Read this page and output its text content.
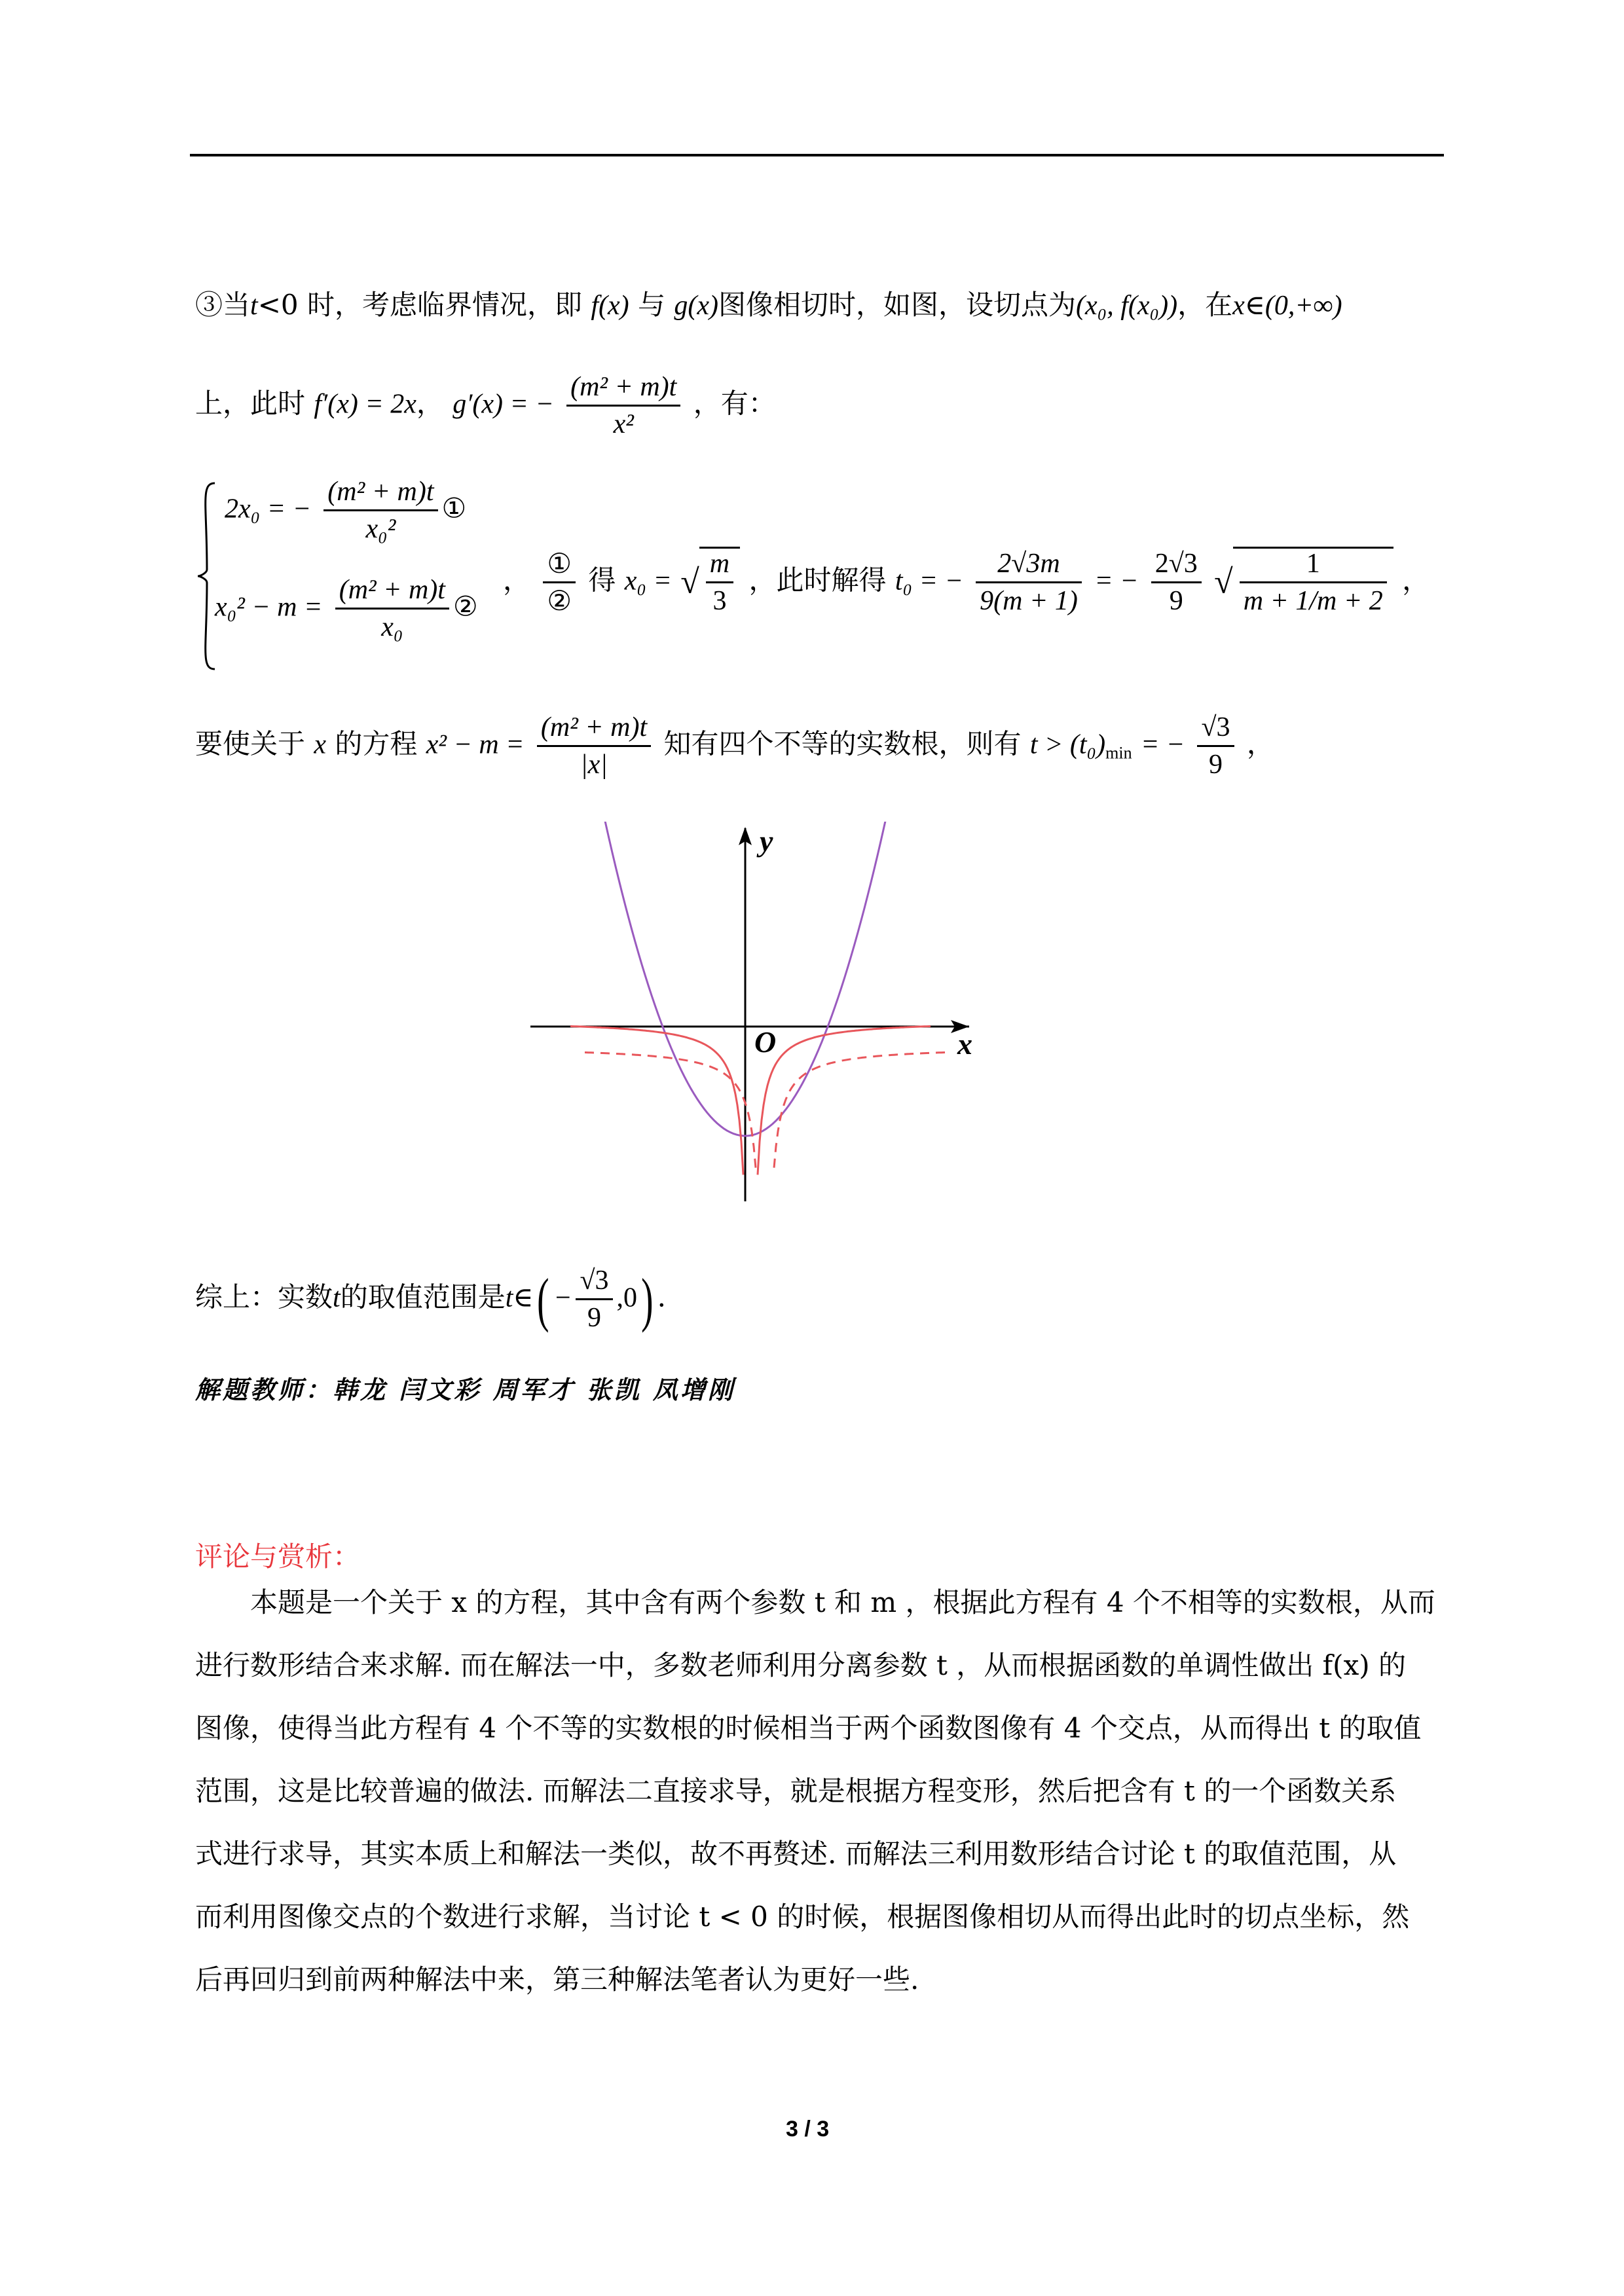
③当t<0 时，考虑临界情况，即 f(x) 与 g(x)图像相切时，如图，设切点为(x₀, f(x₀))，在x∈(0,+∞)
上，此时 f′(x) = 2x， g′(x) = − $\frac{\text{(m² + m)t}}{\text{x²}}$ ，有：
2x₀ = − $\frac{\text{(m² + m)t}}{\text{x₀²}}$ ①
$x_0^2 - m = \frac{\text{(m² + m)t}}{\text{x₀}}$ ②
， $\frac{\text{①}}{\text{②}}$ 得 x₀ = √ $\frac{m}{3}$ ，此时解得 t₀ = − $\frac{2√3m}{9(m + 1)}$ = − $\frac{2√3}{9}$ √ $\frac{1}{m + 1/m + 2}$ ，
要使关于 x 的方程 $x^2 - m = \frac{\text{(m² + m)t}}{|x|}$ 知有四个不等的实数根，则有 $t > (t_0)_{min}$ = − $\frac{√3}{9}$ ，
x
y
O
综上：实数t的取值范围是t∈( − $\frac{√3}{9} ,0$) .
解题教师：韩龙 闫文彩 周军才 张凯 凤增刚
评论与赏析：
　　本题是一个关于 x 的方程，其中含有两个参数 t 和 m ，根据此方程有 4 个不相等的实数根，从而
进行数形结合来求解. 而在解法一中，多数老师利用分离参数 t ，从而根据函数的单调性做出 f(x) 的
图像，使得当此方程有 4 个不等的实数根的时候相当于两个函数图像有 4 个交点，从而得出 t 的取值
范围，这是比较普遍的做法. 而解法二直接求导，就是根据方程变形，然后把含有 t 的一个函数关系
式进行求导，其实本质上和解法一类似，故不再赘述. 而解法三利用数形结合讨论 t 的取值范围，从
而利用图像交点的个数进行求解，当讨论 t < 0 的时候，根据图像相切从而得出此时的切点坐标，然
后再回归到前两种解法中来，第三种解法笔者认为更好一些.
3 / 3
